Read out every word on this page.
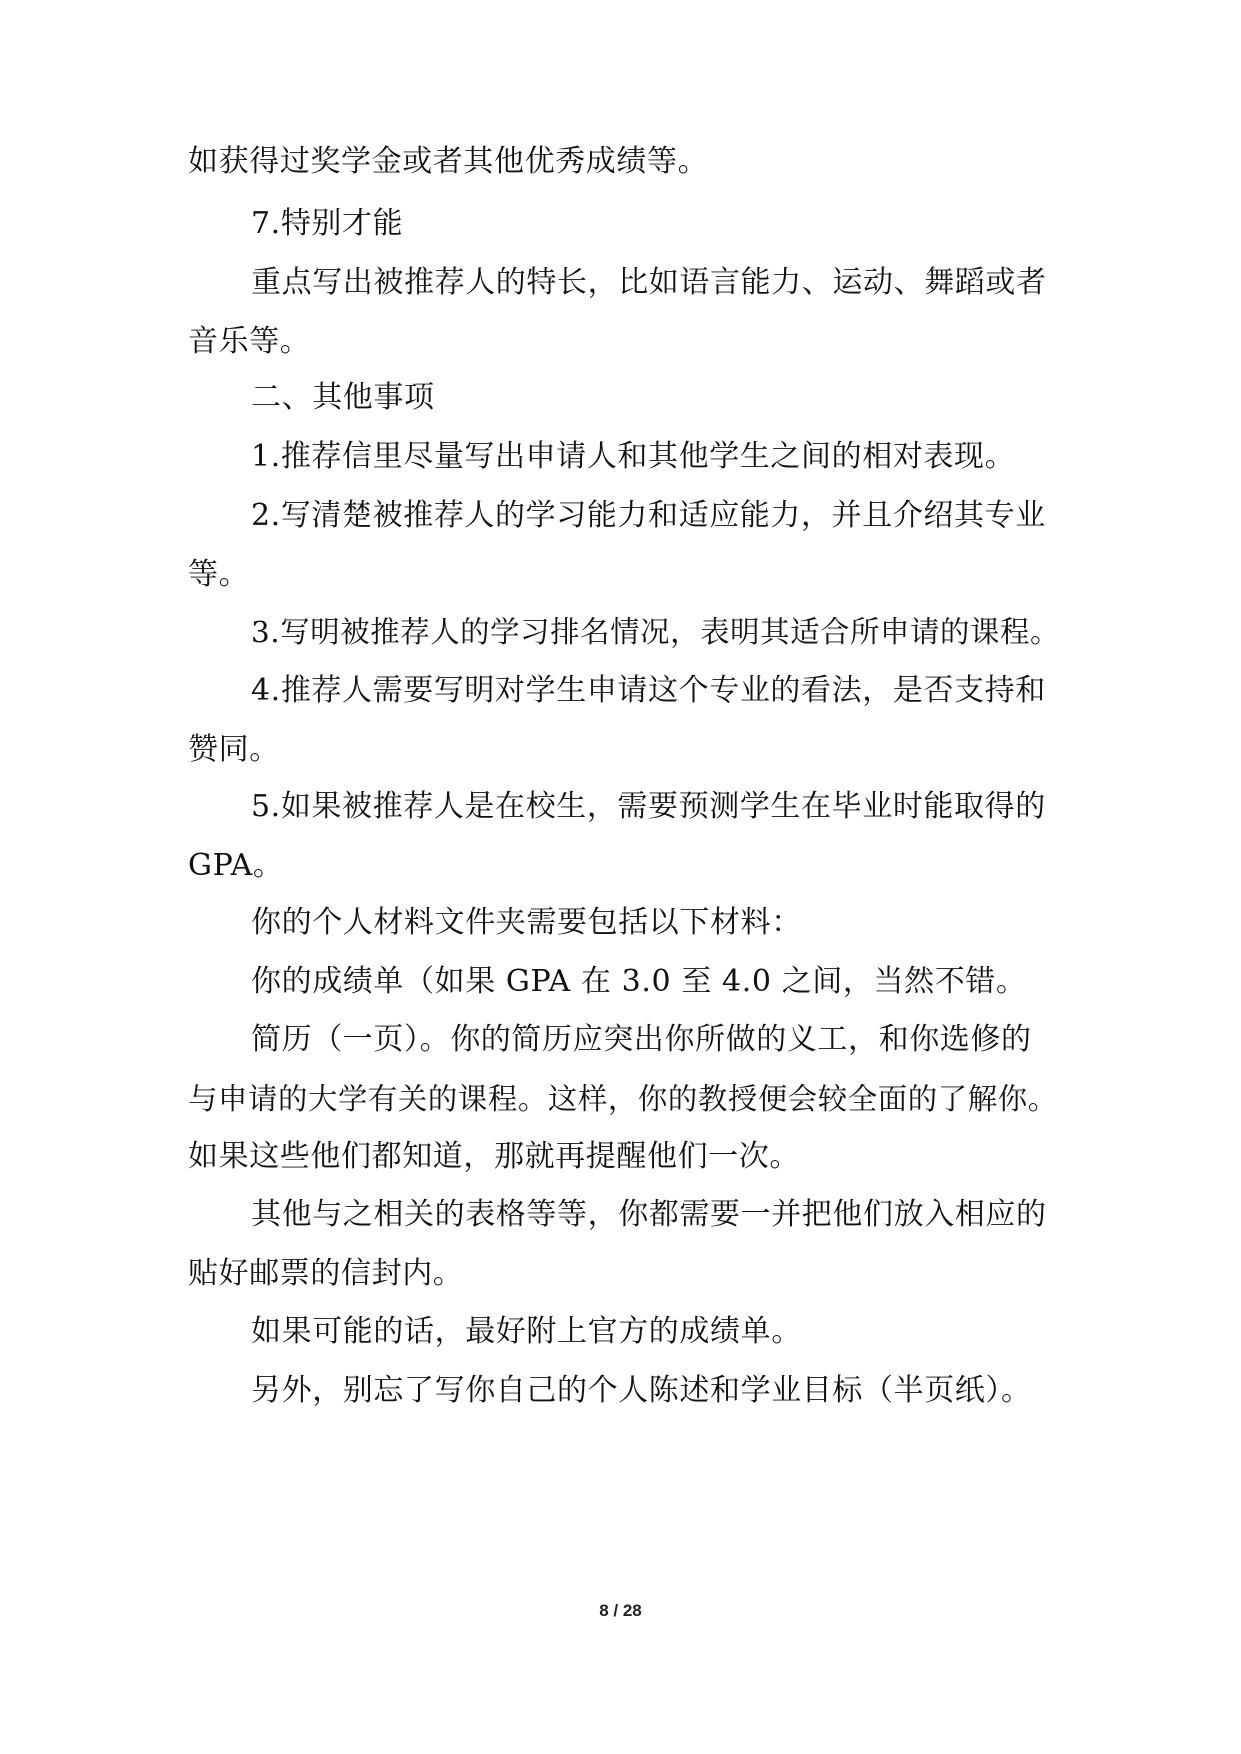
如获得过奖学金或者其他优秀成绩等。
7.特别才能
重点写出被推荐人的特长，比如语言能力、运动、舞蹈或者
音乐等。
二、其他事项
1.推荐信里尽量写出申请人和其他学生之间的相对表现。
2.写清楚被推荐人的学习能力和适应能力，并且介绍其专业
等。
3.写明被推荐人的学习排名情况，表明其适合所申请的课程。
4.推荐人需要写明对学生申请这个专业的看法，是否支持和
赞同。
5.如果被推荐人是在校生，需要预测学生在毕业时能取得的
GPA。
你的个人材料文件夹需要包括以下材料：
你的成绩单（如果 GPA 在 3.0 至 4.0 之间，当然不错。
简历（一页）。你的简历应突出你所做的义工，和你选修的
与申请的大学有关的课程。这样，你的教授便会较全面的了解你。
如果这些他们都知道，那就再提醒他们一次。
其他与之相关的表格等等，你都需要一并把他们放入相应的
贴好邮票的信封内。
如果可能的话，最好附上官方的成绩单。
另外，别忘了写你自己的个人陈述和学业目标（半页纸）。
8 / 28
